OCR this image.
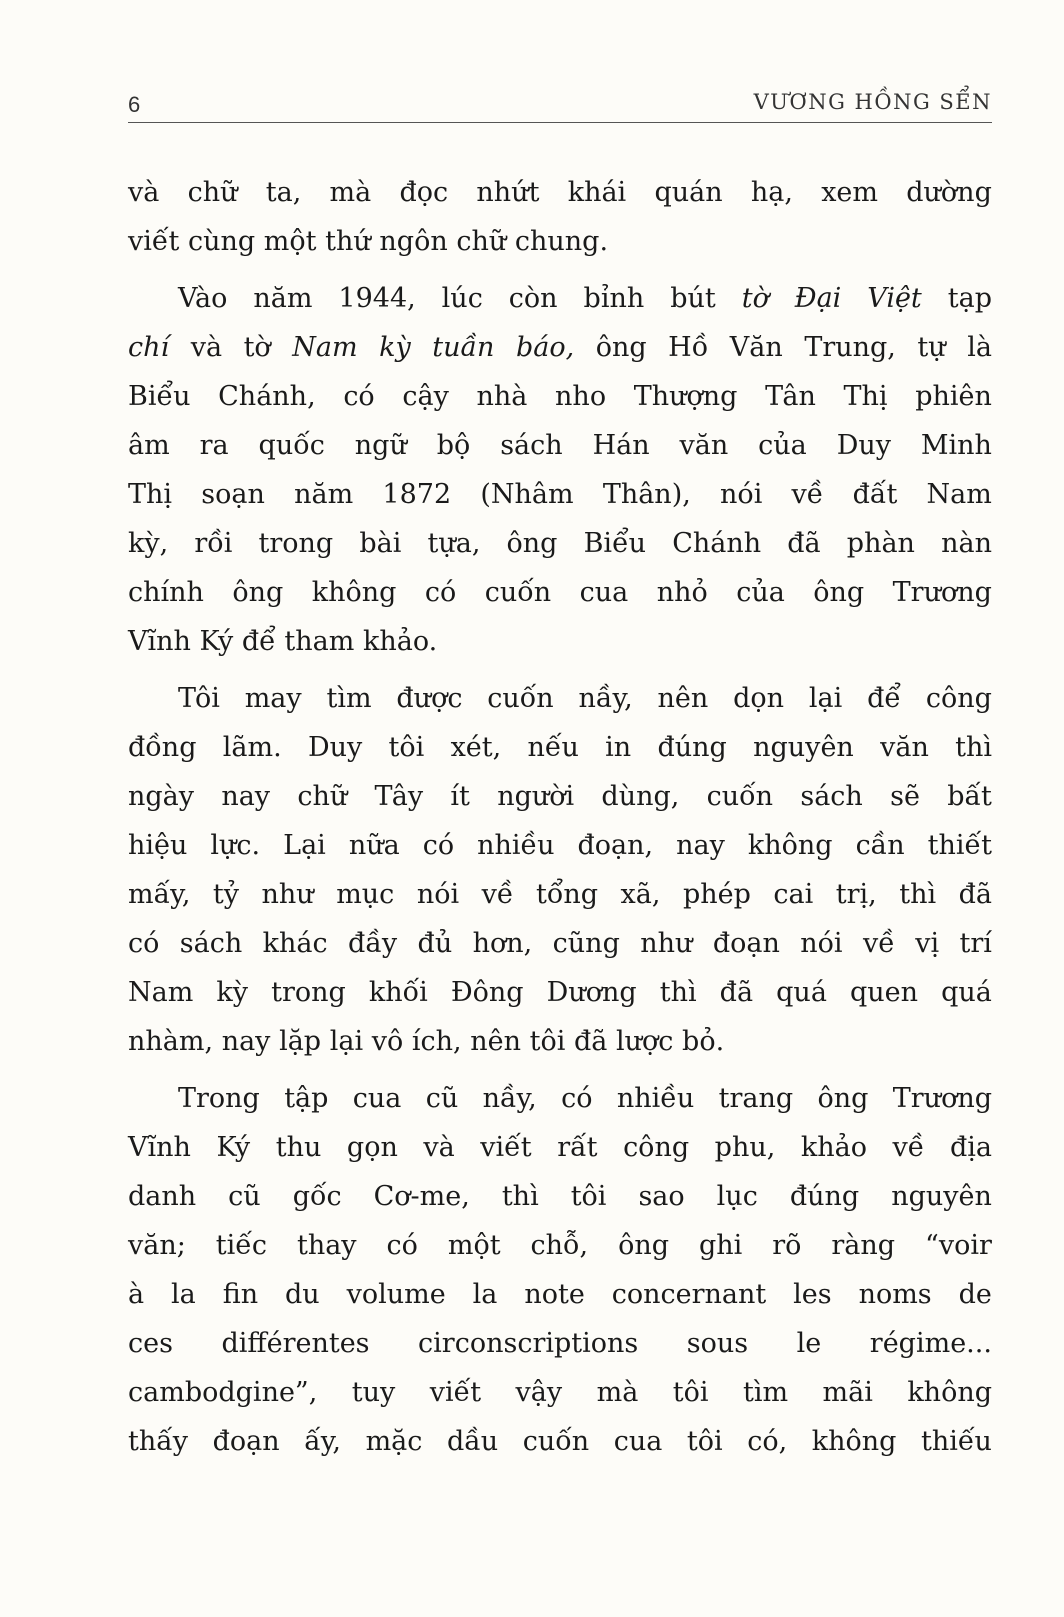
6	VƯƠNG HỒNG SỂN
và chữ ta, mà đọc nhứt khái quán hạ, xem dường
viết cùng một thứ ngôn chữ chung.
Vào năm 1944, lúc còn bỉnh bút tờ Đại Việt tạp
chí và tờ Nam kỳ tuần báo, ông Hồ Văn Trung, tự là
Biểu Chánh, có cậy nhà nho Thượng Tân Thị phiên
âm ra quốc ngữ bộ sách Hán văn của Duy Minh
Thị soạn năm 1872 (Nhâm Thân), nói về đất Nam
kỳ, rồi trong bài tựa, ông Biểu Chánh đã phàn nàn
chính ông không có cuốn cua nhỏ của ông Trương
Vĩnh Ký để tham khảo.
Tôi may tìm được cuốn nầy, nên dọn lại để công
đồng lãm. Duy tôi xét, nếu in đúng nguyên văn thì
ngày nay chữ Tây ít người dùng, cuốn sách sẽ bất
hiệu lực. Lại nữa có nhiều đoạn, nay không cần thiết
mấy, tỷ như mục nói về tổng xã, phép cai trị, thì đã
có sách khác đầy đủ hơn, cũng như đoạn nói về vị trí
Nam kỳ trong khối Đông Dương thì đã quá quen quá
nhàm, nay lặp lại vô ích, nên tôi đã lược bỏ.
Trong tập cua cũ nầy, có nhiều trang ông Trương
Vĩnh Ký thu gọn và viết rất công phu, khảo về địa
danh cũ gốc Cơ-me, thì tôi sao lục đúng nguyên
văn; tiếc thay có một chỗ, ông ghi rõ ràng “voir
à la fin du volume la note concernant les noms de
ces différentes circonscriptions sous le régime...
cambodgine”, tuy viết vậy mà tôi tìm mãi không
thấy đoạn ấy, mặc dầu cuốn cua tôi có, không thiếu
